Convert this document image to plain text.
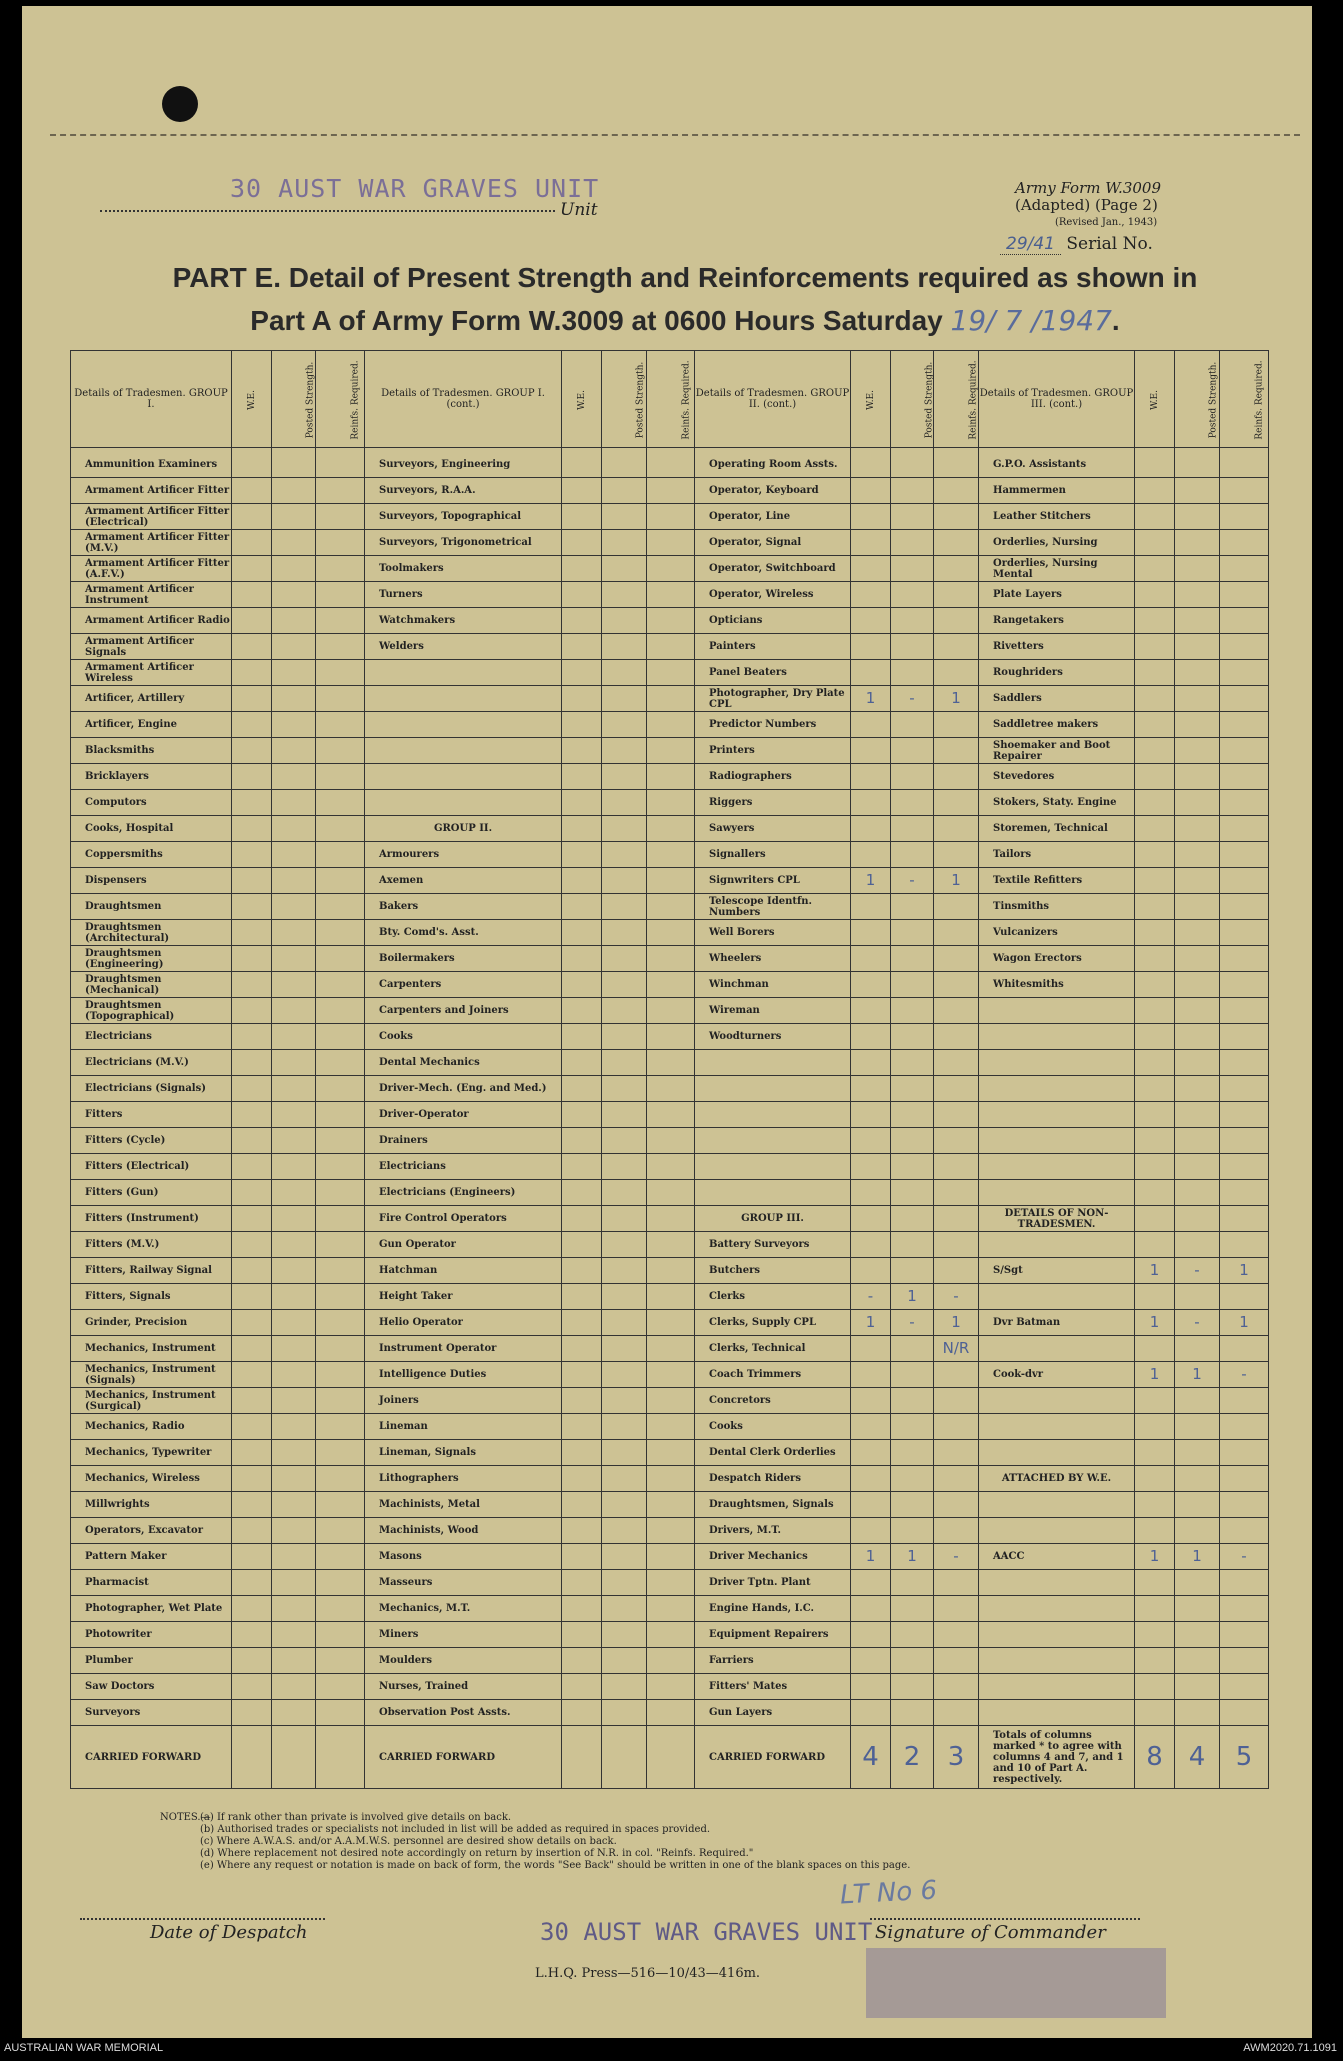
30 AUST WAR GRAVES UNIT
Unit
Army Form W.3009
(Adapted) (Page 2)
(Revised Jan., 1943)
29/41 Serial No.
PART E. Detail of Present Strength and Reinforcements required as shown in
Part A of Army Form W.3009 at 0600 Hours Saturday 19/ 7 /1947.
Details of Tradesmen. GROUP I.	W.E.	Posted Strength.	Reinfs. Required.	Details of Tradesmen. GROUP I. (cont.)	W.E.	Posted Strength.	Reinfs. Required.	Details of Tradesmen. GROUP II. (cont.)	W.E.	Posted Strength.	Reinfs. Required.	Details of Tradesmen. GROUP III. (cont.)	W.E.	Posted Strength.	Reinfs. Required.
Ammunition Examiners				Surveyors, Engineering				Operating Room Assts.				G.P.O. Assistants			
Armament Artificer Fitter				Surveyors, R.A.A.				Operator, Keyboard				Hammermen			
Armament Artificer Fitter (Electrical)				Surveyors, Topographical				Operator, Line				Leather Stitchers			
Armament Artificer Fitter (M.V.)				Surveyors, Trigonometrical				Operator, Signal				Orderlies, Nursing			
Armament Artificer Fitter (A.F.V.)				Toolmakers				Operator, Switchboard				Orderlies, Nursing Mental			
Armament Artificer Instrument				Turners				Operator, Wireless				Plate Layers			
Armament Artificer Radio				Watchmakers				Opticians				Rangetakers			
Armament Artificer Signals				Welders				Painters				Rivetters			
Armament Artificer Wireless								Panel Beaters				Roughriders			
Artificer, Artillery								Photographer, Dry Plate CPL	1	-	1	Saddlers			
Artificer, Engine								Predictor Numbers				Saddletree makers			
Blacksmiths								Printers				Shoemaker and Boot Repairer			
Bricklayers								Radiographers				Stevedores			
Computors								Riggers				Stokers, Staty. Engine			
Cooks, Hospital				GROUP II.				Sawyers				Storemen, Technical			
Coppersmiths				Armourers				Signallers				Tailors			
Dispensers				Axemen				Signwriters CPL	1	-	1	Textile Refitters			
Draughtsmen				Bakers				Telescope Identfn. Numbers				Tinsmiths			
Draughtsmen (Architectural)				Bty. Comd's. Asst.				Well Borers				Vulcanizers			
Draughtsmen (Engineering)				Boilermakers				Wheelers				Wagon Erectors			
Draughtsmen (Mechanical)				Carpenters				Winchman				Whitesmiths			
Draughtsmen (Topographical)				Carpenters and Joiners				Wireman							
Electricians				Cooks				Woodturners							
Electricians (M.V.)				Dental Mechanics											
Electricians (Signals)				Driver-Mech. (Eng. and Med.)											
Fitters				Driver-Operator											
Fitters (Cycle)				Drainers											
Fitters (Electrical)				Electricians											
Fitters (Gun)				Electricians (Engineers)											
Fitters (Instrument)				Fire Control Operators				GROUP III.				DETAILS OF NON-TRADESMEN.			
Fitters (M.V.)				Gun Operator				Battery Surveyors							
Fitters, Railway Signal				Hatchman				Butchers				S/Sgt	1	-	1
Fitters, Signals				Height Taker				Clerks	-	1	-				
Grinder, Precision				Helio Operator				Clerks, Supply CPL	1	-	1	Dvr Batman	1	-	1
Mechanics, Instrument				Instrument Operator				Clerks, Technical			N/R				
Mechanics, Instrument (Signals)				Intelligence Duties				Coach Trimmers				Cook-dvr	1	1	-
Mechanics, Instrument (Surgical)				Joiners				Concretors							
Mechanics, Radio				Lineman				Cooks							
Mechanics, Typewriter				Lineman, Signals				Dental Clerk Orderlies							
Mechanics, Wireless				Lithographers				Despatch Riders				ATTACHED BY W.E.			
Millwrights				Machinists, Metal				Draughtsmen, Signals							
Operators, Excavator				Machinists, Wood				Drivers, M.T.							
Pattern Maker				Masons				Driver Mechanics	1	1	-	AACC	1	1	-
Pharmacist				Masseurs				Driver Tptn. Plant							
Photographer, Wet Plate				Mechanics, M.T.				Engine Hands, I.C.							
Photowriter				Miners				Equipment Repairers							
Plumber				Moulders				Farriers							
Saw Doctors				Nurses, Trained				Fitters' Mates							
Surveyors				Observation Post Assts.				Gun Layers							
CARRIED FORWARD				CARRIED FORWARD				CARRIED FORWARD	4	2	3	Totals of columns marked * to agree with columns 4 and 7, and 1 and 10 of Part A. respectively.	8	4	5
NOTES.—
(a) If rank other than private is involved give details on back.
(b) Authorised trades or specialists not included in list will be added as required in spaces provided.
(c) Where A.W.A.S. and/or A.A.M.W.S. personnel are desired show details on back.
(d) Where replacement not desired note accordingly on return by insertion of N.R. in col. "Reinfs. Required."
(e) Where any request or notation is made on back of form, the words "See Back" should be written in one of the blank spaces on this page.
LT No 6
Date of Despatch	30 AUST WAR GRAVES UNIT Signature of Commander
L.H.Q. Press—516—10/43—416m.
AUSTRALIAN WAR MEMORIAL	AWM2020.71.1091
